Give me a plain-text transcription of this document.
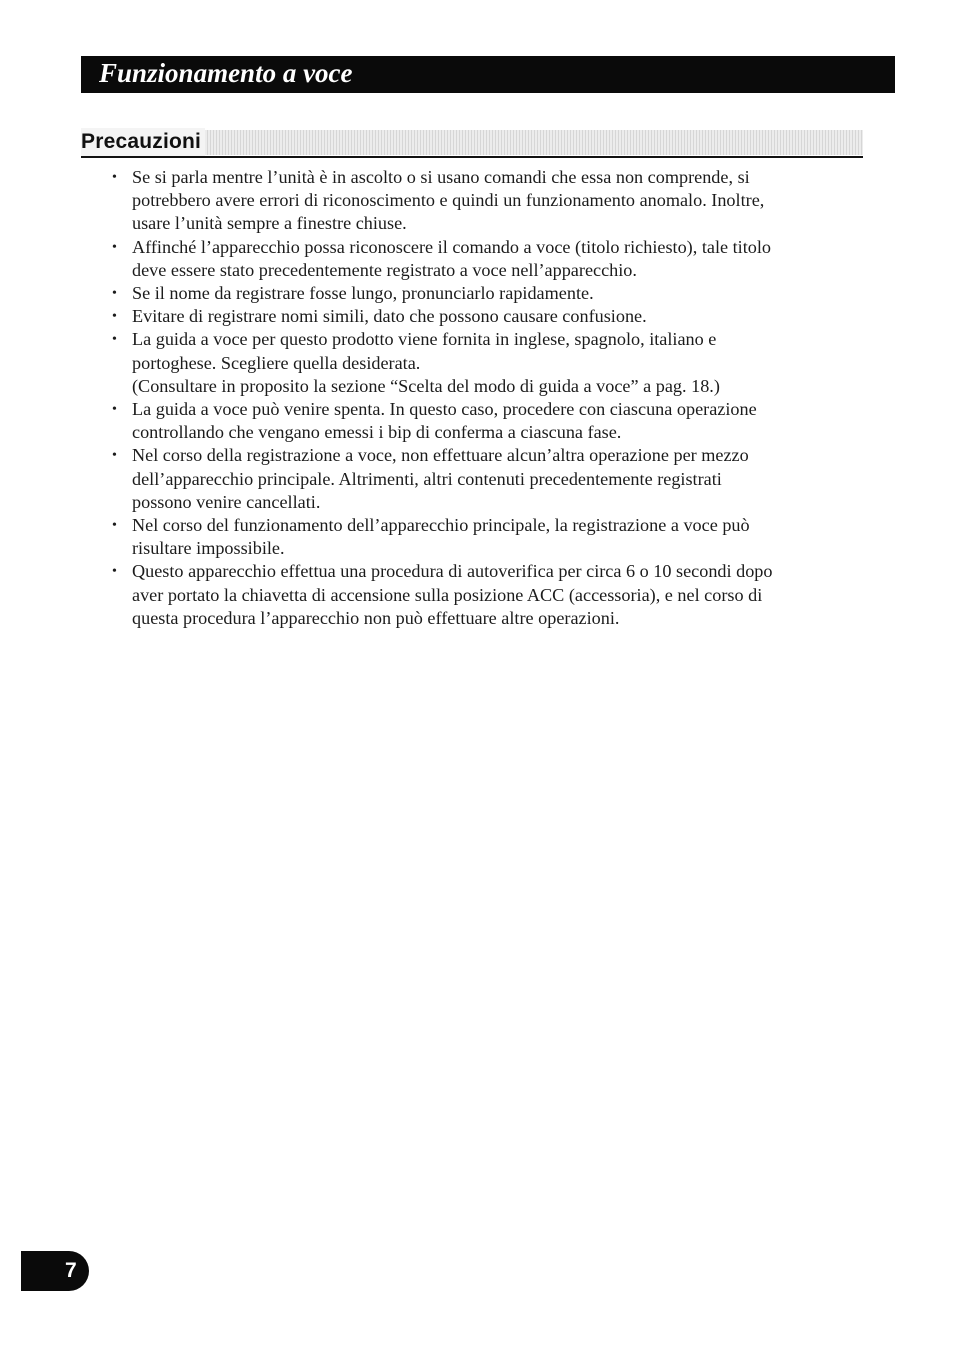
Funzionamento a voce
Precauzioni
• Se si parla mentre l’unità è in ascolto o si usano comandi che essa non comprende, si
potrebbero avere errori di riconoscimento e quindi un funzionamento anomalo. Inoltre,
usare l’unità sempre a finestre chiuse.
• Affinché l’apparecchio possa riconoscere il comando a voce (titolo richiesto), tale titolo
deve essere stato precedentemente registrato a voce nell’apparecchio.
• Se il nome da registrare fosse lungo, pronunciarlo rapidamente.
• Evitare di registrare nomi simili, dato che possono causare confusione.
• La guida a voce per questo prodotto viene fornita in inglese, spagnolo, italiano e
portoghese. Scegliere quella desiderata.
(Consultare in proposito la sezione “Scelta del modo di guida a voce” a pag. 18.)
• La guida a voce può venire spenta. In questo caso, procedere con ciascuna operazione
controllando che vengano emessi i bip di conferma a ciascuna fase.
• Nel corso della registrazione a voce, non effettuare alcun’altra operazione per mezzo
dell’apparecchio principale. Altrimenti, altri contenuti precedentemente registrati
possono venire cancellati.
• Nel corso del funzionamento dell’apparecchio principale, la registrazione a voce può
risultare impossibile.
• Questo apparecchio effettua una procedura di autoverifica per circa 6 o 10 secondi dopo
aver portato la chiavetta di accensione sulla posizione ACC (accessoria), e nel corso di
questa procedura l’apparecchio non può effettuare altre operazioni.
7
